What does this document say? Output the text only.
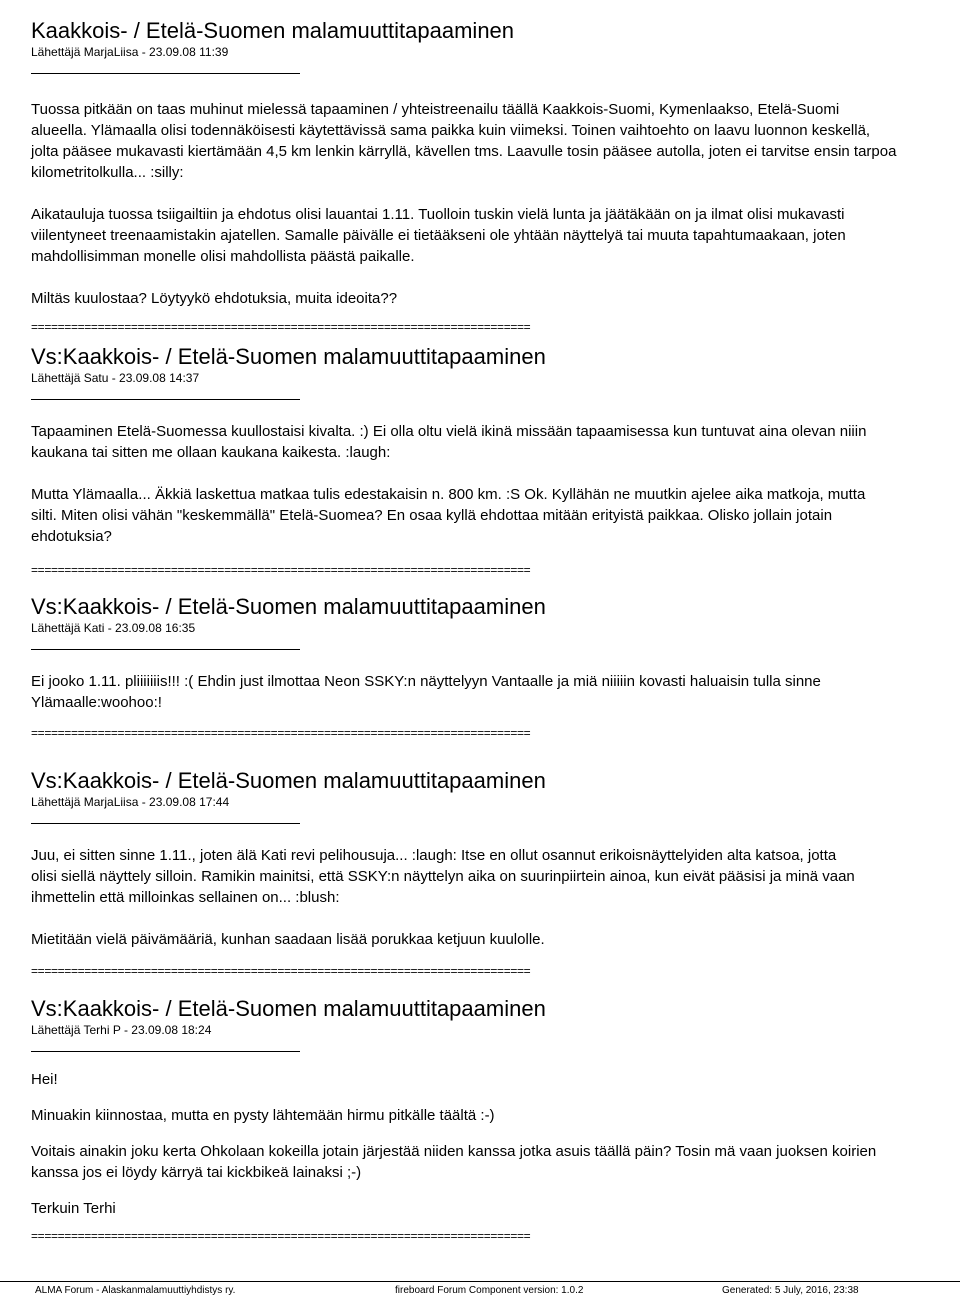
Kaakkois- / Etelä-Suomen malamuuttitapaaminen
Lähettäjä MarjaLiisa - 23.09.08 11:39
Tuossa pitkään on taas muhinut mielessä tapaaminen / yhteistreenailu täällä Kaakkois-Suomi, Kymenlaakso, Etelä-Suomi
alueella. Ylämaalla olisi todennäköisesti käytettävissä sama paikka kuin viimeksi. Toinen vaihtoehto on laavu luonnon keskellä,
jolta pääsee mukavasti kiertämään 4,5 km lenkin kärryllä, kävellen tms. Laavulle tosin pääsee autolla, joten ei tarvitse ensin tarpoa
kilometritolkulla... :silly:
Aikatauluja tuossa tsiigailtiin ja ehdotus olisi lauantai 1.11. Tuolloin tuskin vielä lunta ja jäätäkään on ja ilmat olisi mukavasti
viilentyneet treenaamistakin ajatellen. Samalle päivälle ei tietääkseni ole yhtään näyttelyä tai muuta tapahtumaakaan, joten
mahdollisimman monelle olisi mahdollista päästä paikalle.
Miltäs kuulostaa? Löytyykö ehdotuksia, muita ideoita??
===========================================================================
Vs:Kaakkois- / Etelä-Suomen malamuuttitapaaminen
Lähettäjä Satu - 23.09.08 14:37
Tapaaminen Etelä-Suomessa kuullostaisi kivalta. :) Ei olla oltu vielä ikinä missään tapaamisessa kun tuntuvat aina olevan niiin
kaukana tai sitten me ollaan kaukana kaikesta. :laugh:
Mutta Ylämaalla... Äkkiä laskettua matkaa tulis edestakaisin n. 800 km. :S Ok. Kyllähän ne muutkin ajelee aika matkoja, mutta
silti. Miten olisi vähän "keskemmällä" Etelä-Suomea? En osaa kyllä ehdottaa mitään erityistä paikkaa. Olisko jollain jotain
ehdotuksia?
===========================================================================
Vs:Kaakkois- / Etelä-Suomen malamuuttitapaaminen
Lähettäjä Kati - 23.09.08 16:35
Ei jooko 1.11. pliiiiiiis!!! :( Ehdin just ilmottaa Neon SSKY:n näyttelyyn Vantaalle ja miä niiiiin kovasti haluaisin tulla sinne
Ylämaalle:woohoo:!
===========================================================================
Vs:Kaakkois- / Etelä-Suomen malamuuttitapaaminen
Lähettäjä MarjaLiisa - 23.09.08 17:44
Juu, ei sitten sinne 1.11., joten älä Kati revi pelihousuja... :laugh: Itse en ollut osannut erikoisnäyttelyiden alta katsoa, jotta
olisi siellä näyttely silloin. Ramikin mainitsi, että SSKY:n näyttelyn aika on suurinpiirtein ainoa, kun eivät pääsisi ja minä vaan
ihmettelin että milloinkas sellainen on... :blush:
Mietitään vielä päivämääriä, kunhan saadaan lisää porukkaa ketjuun kuulolle.
===========================================================================
Vs:Kaakkois- / Etelä-Suomen malamuuttitapaaminen
Lähettäjä Terhi P - 23.09.08 18:24
Hei!
Minuakin kiinnostaa, mutta en pysty lähtemään hirmu pitkälle täältä :-)
Voitais ainakin joku kerta Ohkolaan kokeilla jotain järjestää niiden kanssa jotka asuis täällä päin? Tosin mä vaan juoksen koirien
kanssa jos ei löydy kärryä tai kickbikeä lainaksi ;-)
Terkuin Terhi
===========================================================================
ALMA Forum - Alaskanmalamuuttiyhdistys ry.	fireboard Forum Component version: 1.0.2	Generated: 5 July, 2016, 23:38
